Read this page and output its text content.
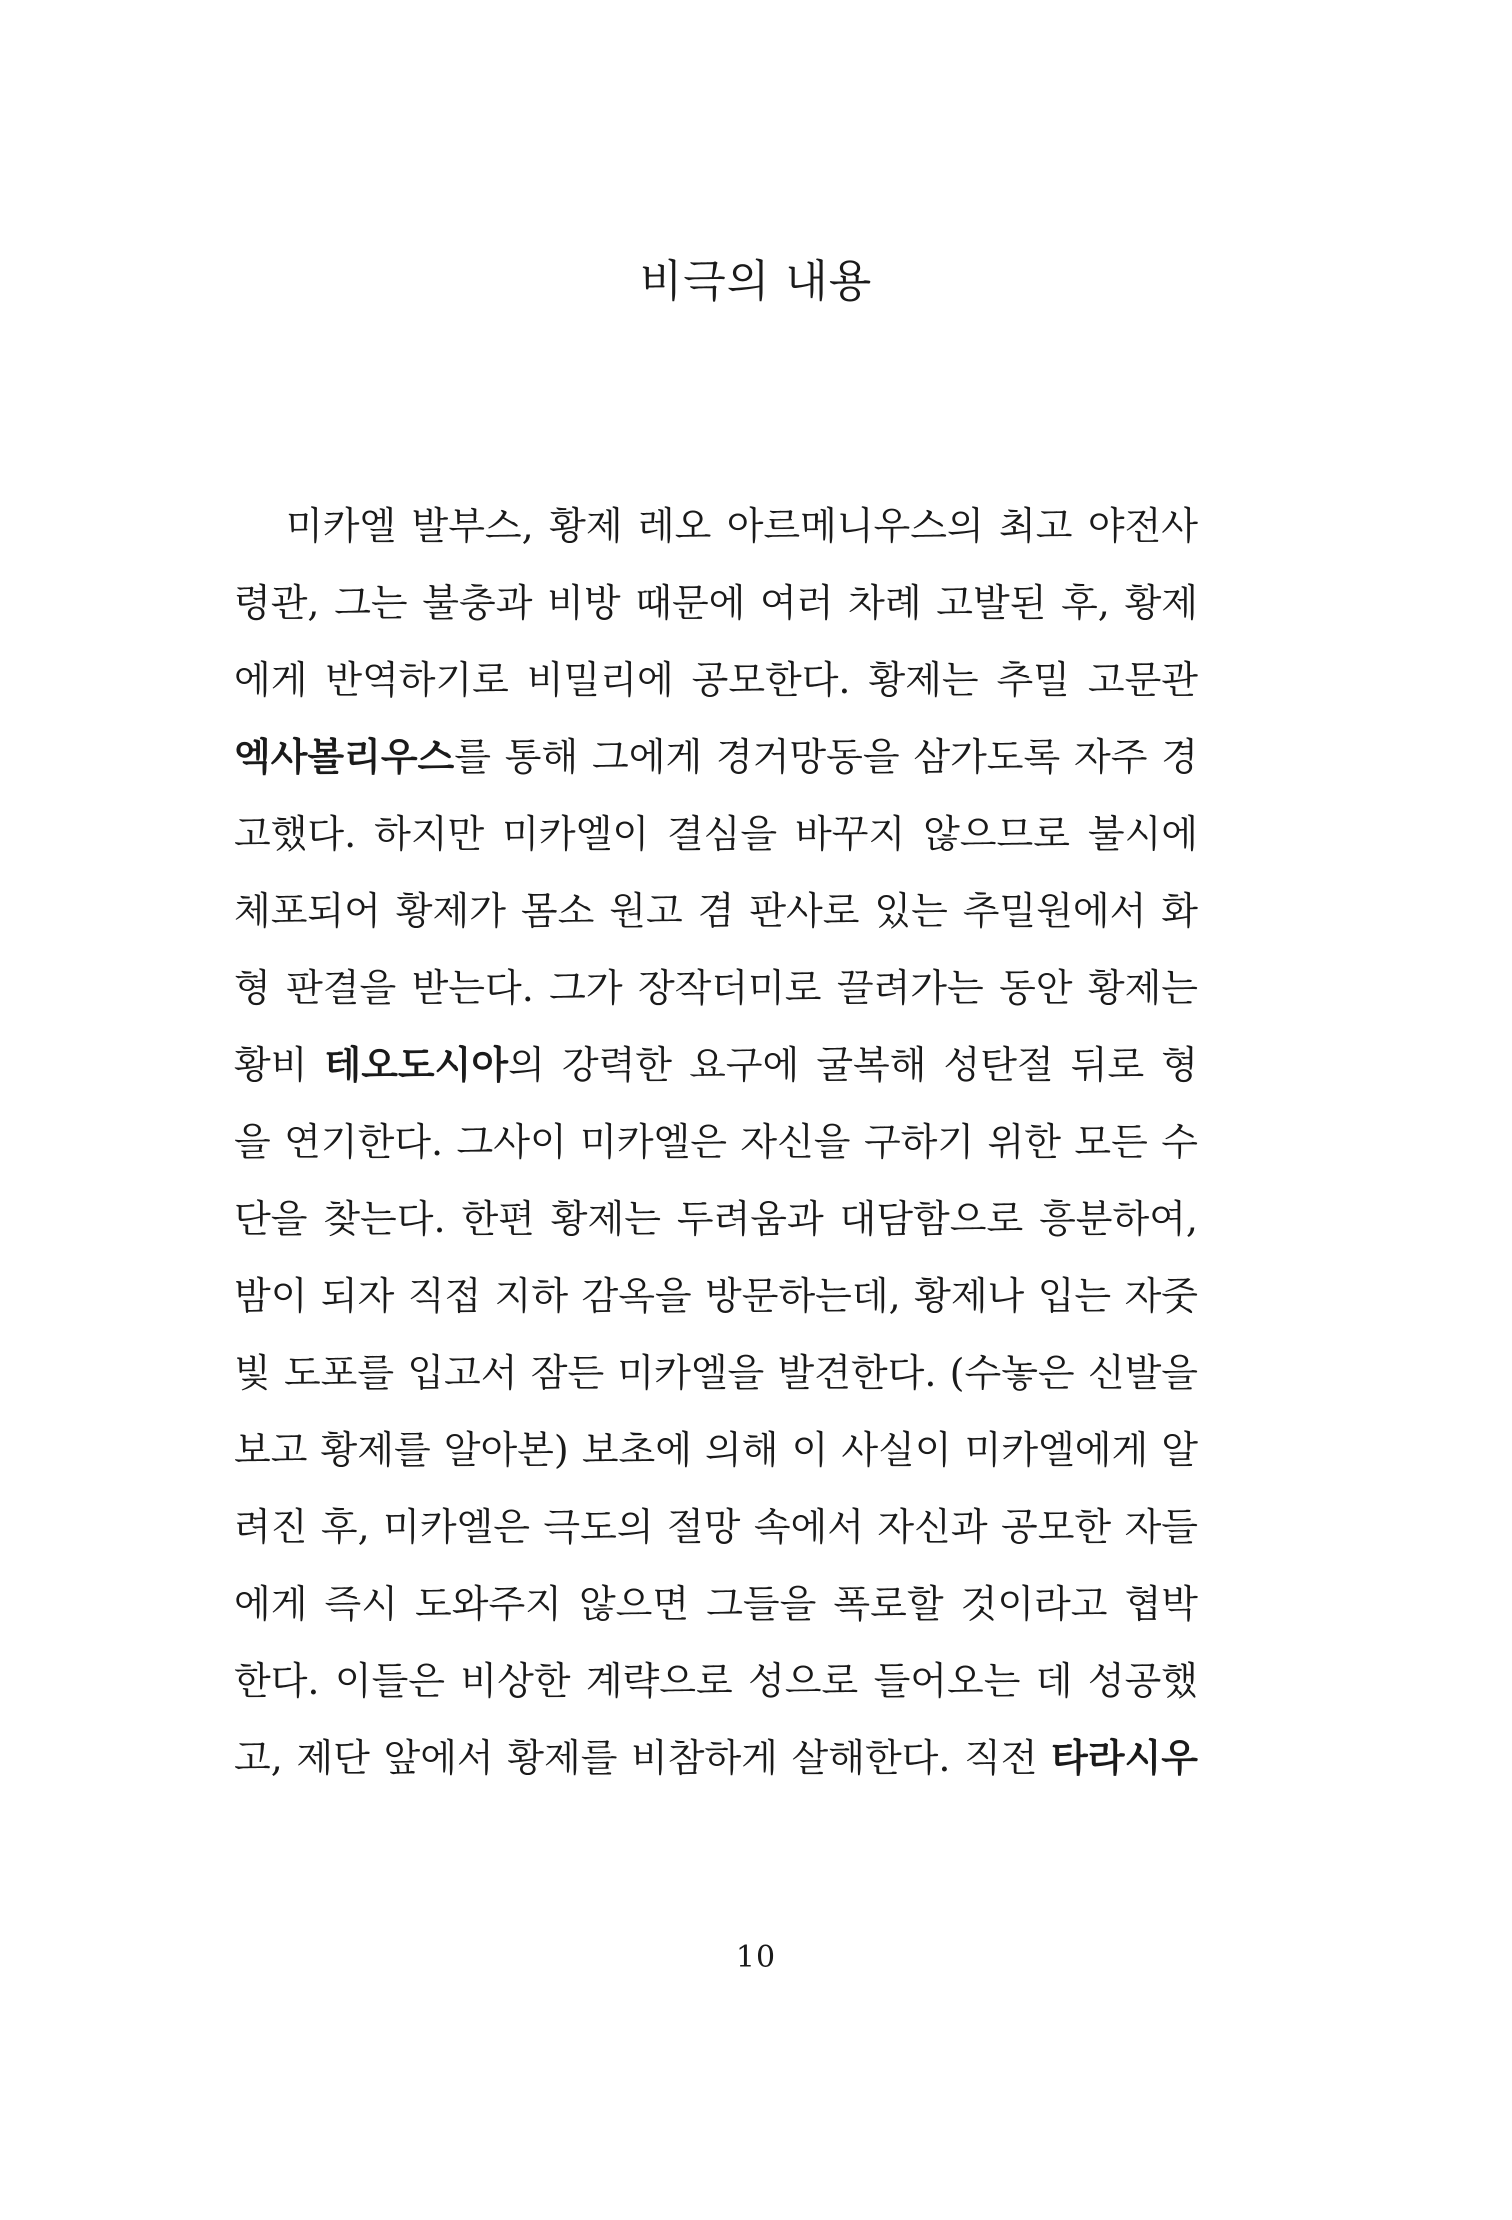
비극의 내용
미카엘 발부스, 황제 레오 아르메니우스의 최고 야전사
령관, 그는 불충과 비방 때문에 여러 차례 고발된 후, 황제
에게 반역하기로 비밀리에 공모한다. 황제는 추밀 고문관
엑사볼리우스를 통해 그에게 경거망동을 삼가도록 자주 경
고했다. 하지만 미카엘이 결심을 바꾸지 않으므로 불시에
체포되어 황제가 몸소 원고 겸 판사로 있는 추밀원에서 화
형 판결을 받는다. 그가 장작더미로 끌려가는 동안 황제는
황비 테오도시아의 강력한 요구에 굴복해 성탄절 뒤로 형
을 연기한다. 그사이 미카엘은 자신을 구하기 위한 모든 수
단을 찾는다. 한편 황제는 두려움과 대담함으로 흥분하여,
밤이 되자 직접 지하 감옥을 방문하는데, 황제나 입는 자줏
빛 도포를 입고서 잠든 미카엘을 발견한다. (수놓은 신발을
보고 황제를 알아본) 보초에 의해 이 사실이 미카엘에게 알
려진 후, 미카엘은 극도의 절망 속에서 자신과 공모한 자들
에게 즉시 도와주지 않으면 그들을 폭로할 것이라고 협박
한다. 이들은 비상한 계략으로 성으로 들어오는 데 성공했
고, 제단 앞에서 황제를 비참하게 살해한다. 직전 타라시우
10
